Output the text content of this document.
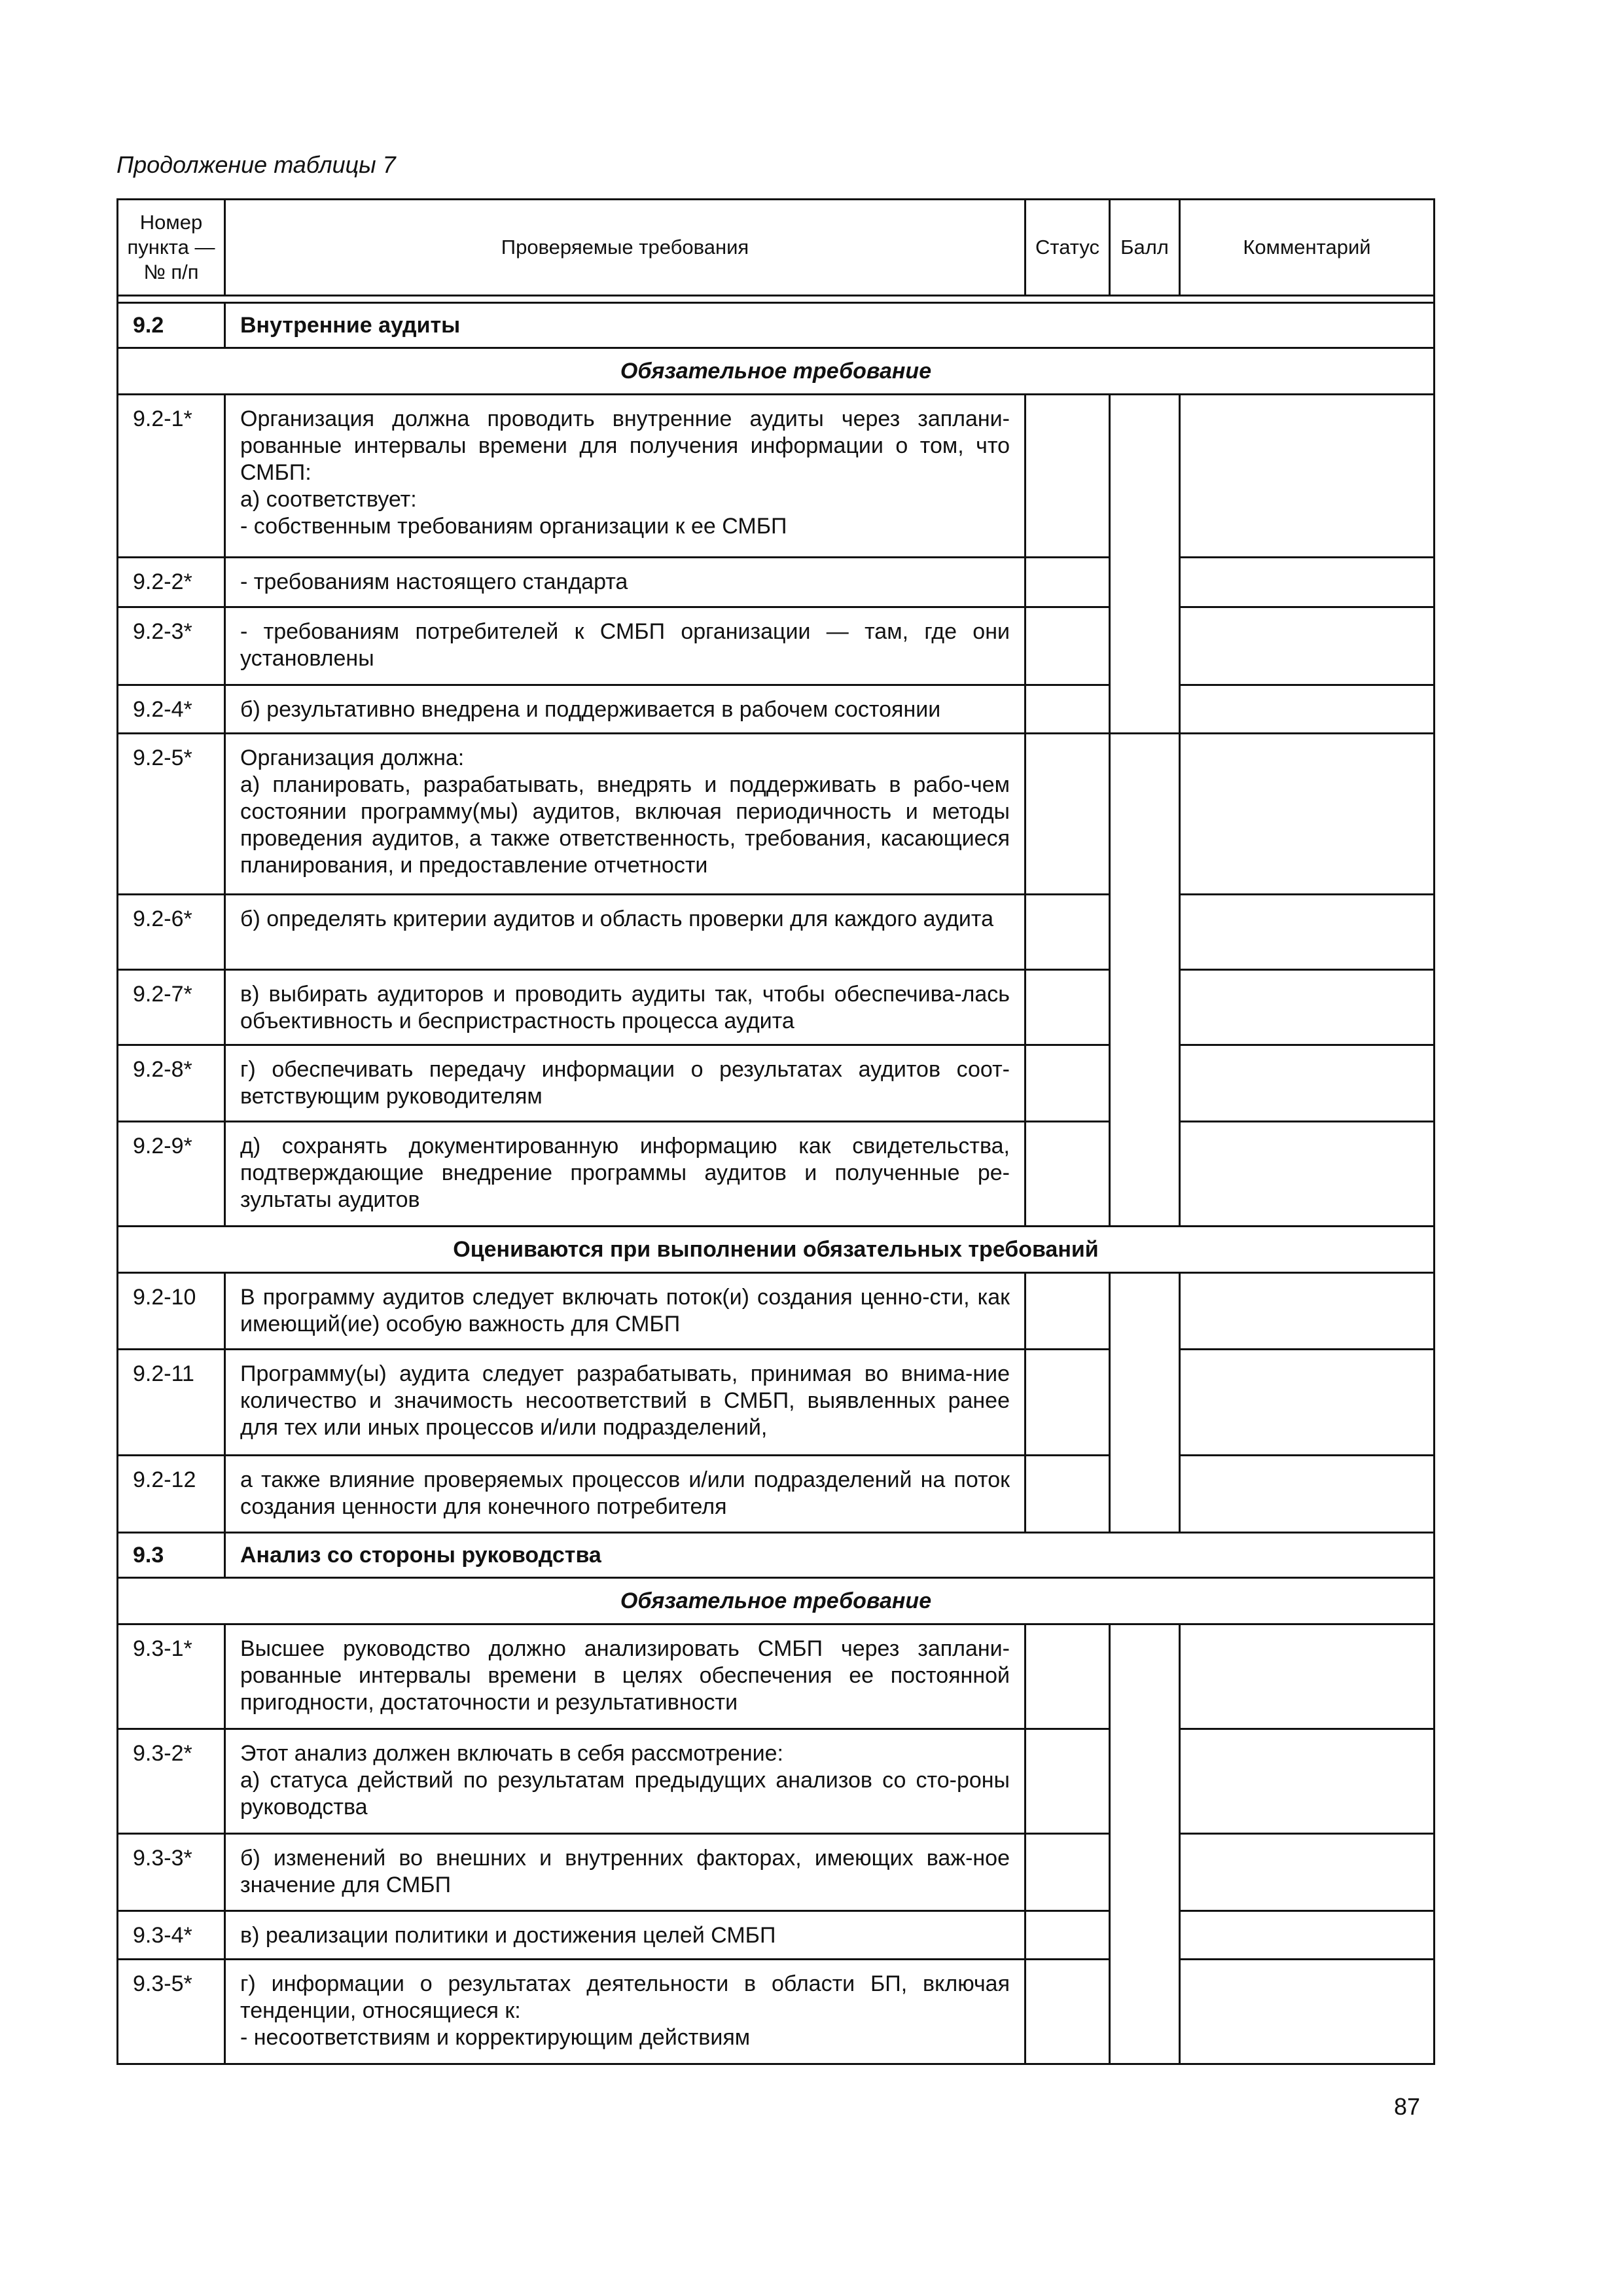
Продолжение таблицы 7
Номер пункта — № п/п	Проверяемые требования	Статус	Балл	Комментарий

9.2	Внутренние аудиты			
Обязательное требование				
9.2-1*	Организация должна проводить внутренние аудиты через заплани-рованные интервалы времени для получения информации о том, что СМБП:
а) соответствует:
- собственным требованиям организации к ее СМБП			

9.2-2*	- требованиям настоящего стандарта			

9.2-3*	- требованиям потребителей к СМБП организации — там, где они установлены			

9.2-4*	б) результативно внедрена и поддерживается в рабочем состоянии			

9.2-5*	Организация должна:
а) планировать, разрабатывать, внедрять и поддерживать в рабо-чем состоянии программу(мы) аудитов, включая периодичность и методы проведения аудитов, а также ответственность, требования, касающиеся планирования, и предоставление отчетности			

9.2-6*	б) определять критерии аудитов и область проверки для каждого аудита			

9.2-7*	в) выбирать аудиторов и проводить аудиты так, чтобы обеспечива-лась объективность и беспристрастность процесса аудита			

9.2-8*	г) обеспечивать передачу информации о результатах аудитов соот-ветствующим руководителям			

9.2-9*	д) сохранять документированную информацию как свидетельства, подтверждающие внедрение программы аудитов и полученные ре-зультаты аудитов			

Оцениваются при выполнении обязательных требований				
9.2-10	В программу аудитов следует включать поток(и) создания ценно-сти, как имеющий(ие) особую важность для СМБП			

9.2-11	Программу(ы) аудита следует разрабатывать, принимая во внима-ние количество и значимость несоответствий в СМБП, выявленных ранее для тех или иных процессов и/или подразделений,			

9.2-12	а также влияние проверяемых процессов и/или подразделений на поток создания ценности для конечного потребителя			

9.3	Анализ со стороны руководства			
Обязательное требование				
9.3-1*	Высшее руководство должно анализировать СМБП через заплани-рованные интервалы времени в целях обеспечения ее постоянной пригодности, достаточности и результативности			

9.3-2*	Этот анализ должен включать в себя рассмотрение:
а) статуса действий по результатам предыдущих анализов со сто-роны руководства			

9.3-3*	б) изменений во внешних и внутренних факторах, имеющих важ-ное значение для СМБП			

9.3-4*	в) реализации политики и достижения целей СМБП			

9.3-5*	г) информации о результатах деятельности в области БП, включая тенденции, относящиеся к:
- несоответствиям и корректирующим действиям			

87
